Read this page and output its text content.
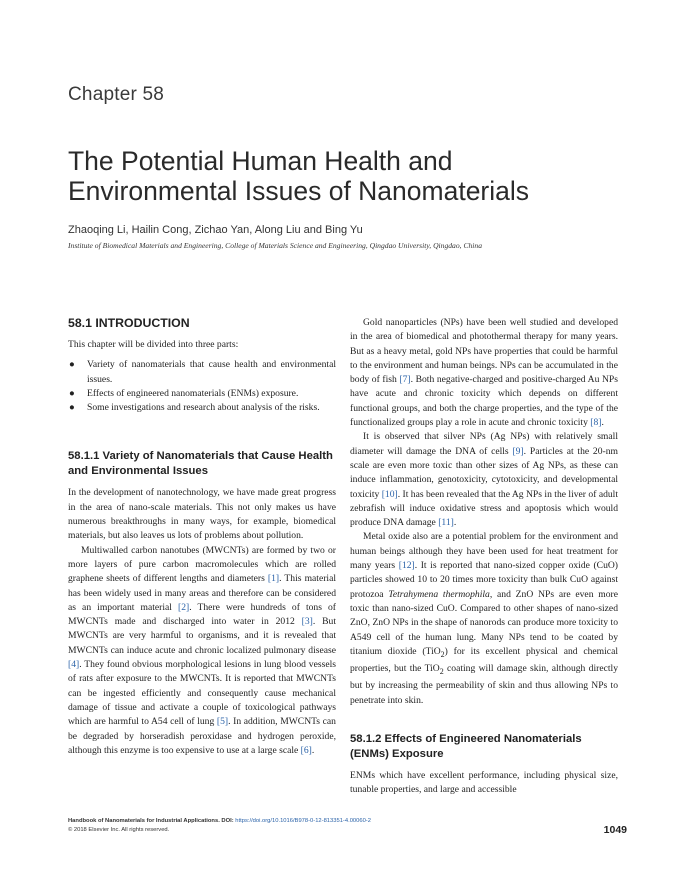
Chapter 58
The Potential Human Health and
Environmental Issues of Nanomaterials
Zhaoqing Li, Hailin Cong, Zichao Yan, Along Liu and Bing Yu
Institute of Biomedical Materials and Engineering, College of Materials Science and Engineering, Qingdao University, Qingdao, China
58.1 INTRODUCTION

This chapter will be divided into three parts:

● Variety of nanomaterials that cause health and environmental issues.
● Effects of engineered nanomaterials (ENMs) exposure.
● Some investigations and research about analysis of the risks.
58.1.1 Variety of Nanomaterials that Cause Health and Environmental Issues

In the development of nanotechnology, we have made great progress in the area of nano-scale materials. This not only makes us have numerous breakthroughs in many ways, for example, biomedical materials, but also leaves us lots of problems about pollution.

Multiwalled carbon nanotubes (MWCNTs) are formed by two or more layers of pure carbon macromolecules which are rolled graphene sheets of different lengths and diameters [1]. This material has been widely used in many areas and therefore can be considered as an important material [2]. There were hundreds of tons of MWCNTs made and discharged into water in 2012 [3]. But MWCNTs are very harmful to organisms, and it is revealed that MWCNTs can induce acute and chronic localized pulmonary disease [4]. They found obvious morphological lesions in lung blood vessels of rats after exposure to the MWCNTs. It is reported that MWCNTs can be ingested efficiently and consequently cause mechanical damage of tissue and activate a couple of toxicological pathways which are harmful to A54 cell of lung [5]. In addition, MWCNTs can be degraded by horseradish peroxidase and hydrogen peroxide, although this enzyme is too expensive to use at a large scale [6].

Gold nanoparticles (NPs) have been well studied and developed in the area of biomedical and photothermal therapy for many years. But as a heavy metal, gold NPs have properties that could be harmful to the environment and human beings. NPs can be accumulated in the body of fish [7]. Both negative-charged and positive-charged Au NPs have acute and chronic toxicity which depends on different functional groups, and both the charge properties, and the type of the functionalized groups play a role in acute and chronic toxicity [8].

It is observed that silver NPs (Ag NPs) with relatively small diameter will damage the DNA of cells [9]. Particles at the 20-nm scale are even more toxic than other sizes of Ag NPs, as these can induce inflammation, genotoxicity, cytotoxicity, and developmental toxicity [10]. It has been revealed that the Ag NPs in the liver of adult zebrafish will induce oxidative stress and apoptosis which would produce DNA damage [11].

Metal oxide also are a potential problem for the environment and human beings although they have been used for heat treatment for many years [12]. It is reported that nano-sized copper oxide (CuO) particles showed 10 to 20 times more toxicity than bulk CuO against protozoa Tetrahymena thermophila, and ZnO NPs are even more toxic than nano-sized CuO. Compared to other shapes of nano-sized ZnO, ZnO NPs in the shape of nanorods can produce more toxicity to A549 cell of the human lung. Many NPs tend to be coated by titanium dioxide (TiO$_2$) for its excellent physical and chemical properties, but the TiO$_2$ coating will damage skin, although directly but by increasing the permeability of skin and thus allowing NPs to penetrate into skin.

58.1.2 Effects of Engineered Nanomaterials (ENMs) Exposure

ENMs which have excellent performance, including physical size, tunable properties, and large and accessible

Handbook of Nanomaterials for Industrial Applications. DOI: https://doi.org/10.1016/B978-0-12-813351-4.00060-2
© 2018 Elsevier Inc. All rights reserved.	1049
